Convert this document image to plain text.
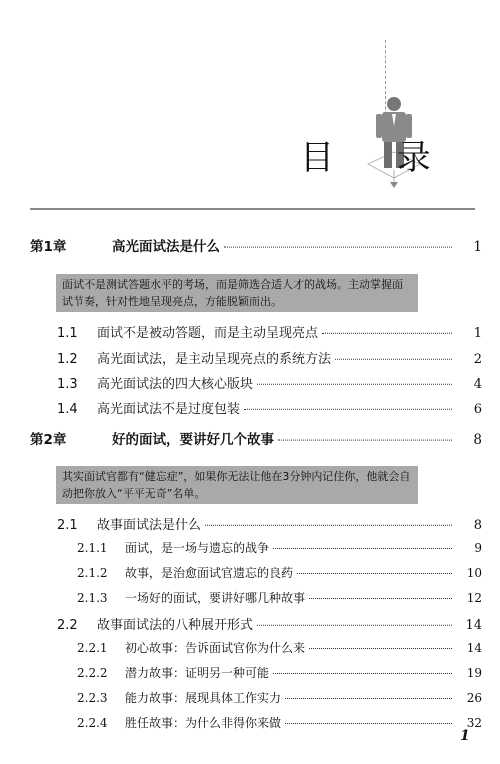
目 录
第1章	高光面试法是什么	1
面试不是测试答题水平的考场，而是筛选合适人才的战场。主动掌握面试节奏，针对性地呈现亮点，方能脱颖而出。
1.1	面试不是被动答题，而是主动呈现亮点	1
1.2	高光面试法，是主动呈现亮点的系统方法	2
1.3	高光面试法的四大核心版块	4
1.4	高光面试法不是过度包装	6
第2章	好的面试，要讲好几个故事	8
其实面试官都有“健忘症”，如果你无法让他在3分钟内记住你，他就会自动把你放入“平平无奇”名单。
2.1	故事面试法是什么	8
2.1.1	面试，是一场与遗忘的战争	9
2.1.2	故事，是治愈面试官遗忘的良药	10
2.1.3	一场好的面试，要讲好哪几种故事	12
2.2	故事面试法的八种展开形式	14
2.2.1	初心故事：告诉面试官你为什么来	14
2.2.2	潜力故事：证明另一种可能	19
2.2.3	能力故事：展现具体工作实力	26
2.2.4	胜任故事：为什么非得你来做	32
1
